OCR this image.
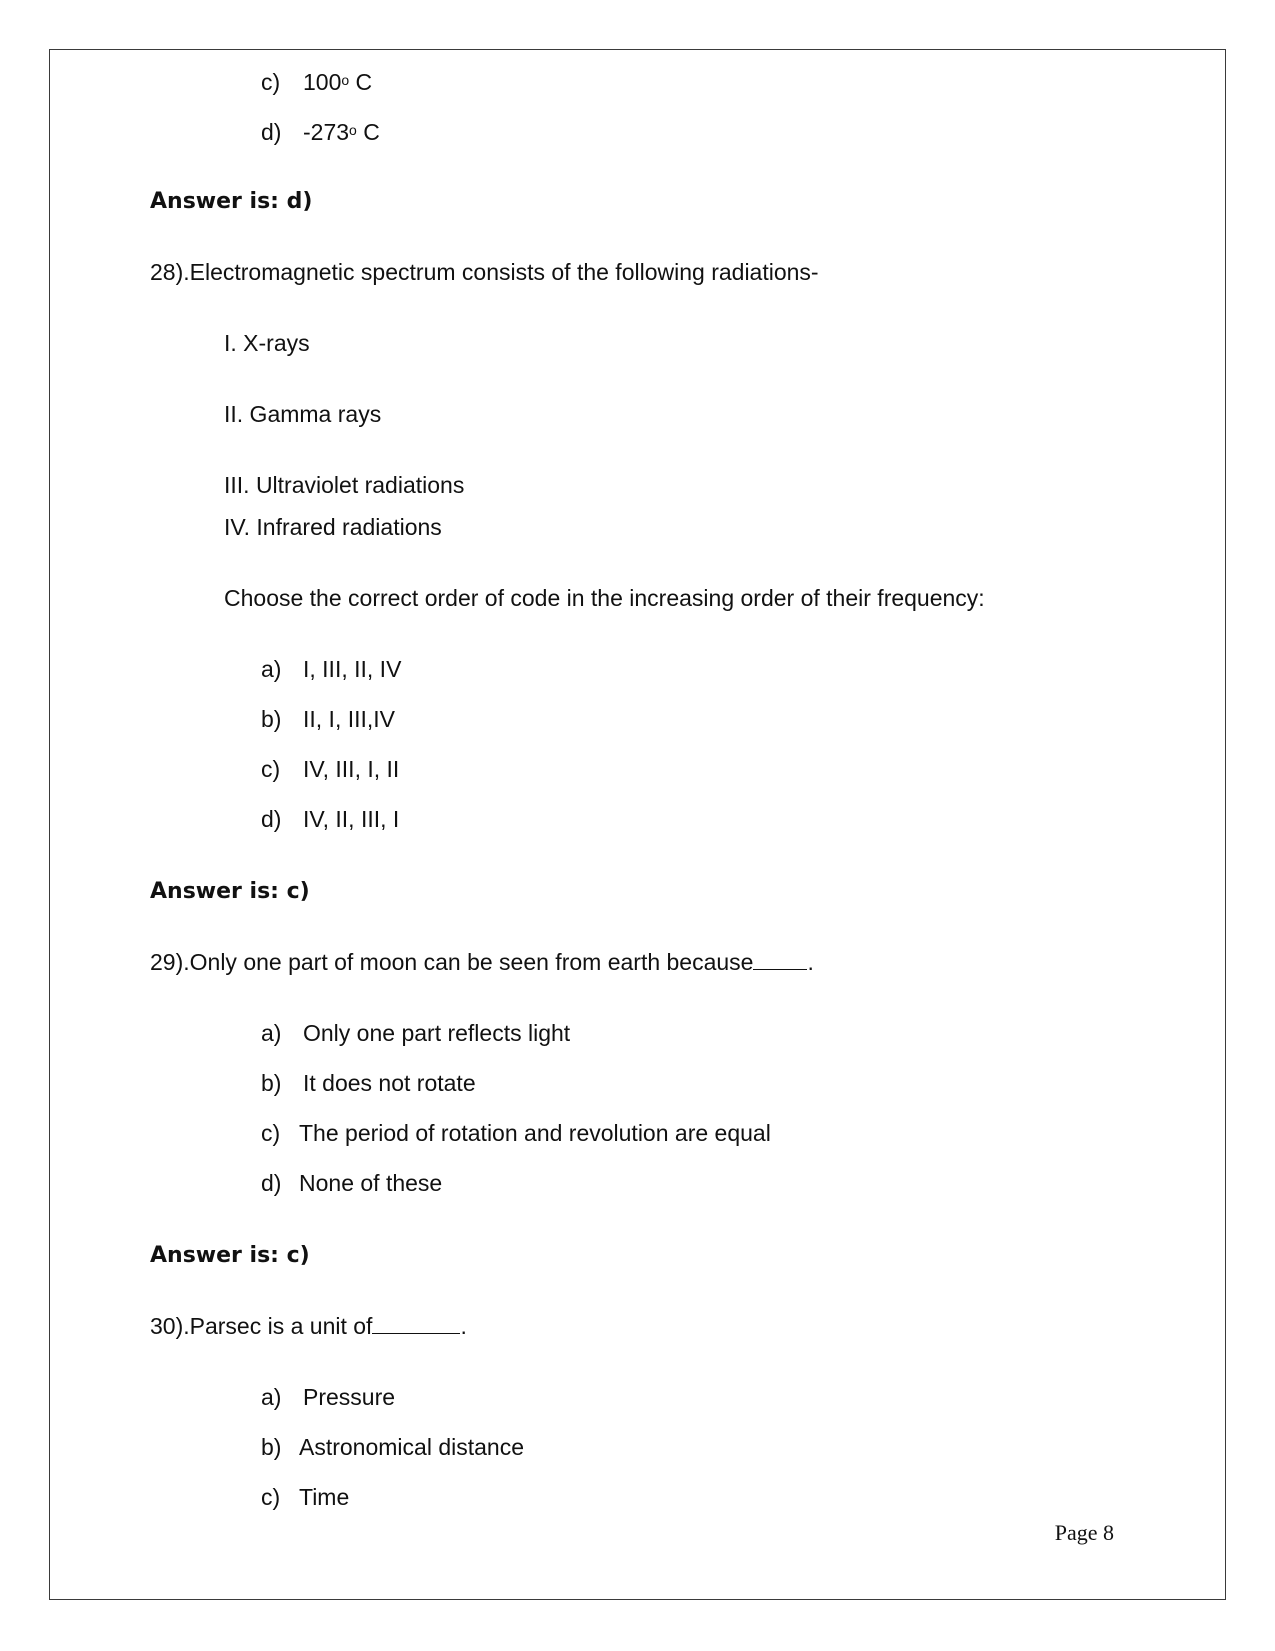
c) 100$^o$ C

d) -273$^o$ C

Answer is: d)

28).Electromagnetic spectrum consists of the following radiations-

I. X-rays

II. Gamma rays

III. Ultraviolet radiations

IV. Infrared radiations

Choose the correct order of code in the increasing order of their frequency:

a) I, III, II, IV

b) II, I, III,IV

c) IV, III, I, II

d) IV, II, III, I

Answer is: c)

29).Only one part of moon can be seen from earth because .

a) Only one part reflects light

b) It does not rotate

c) The period of rotation and revolution are equal

d) None of these

Answer is: c)

30).Parsec is a unit of	.

a) Pressure

b) Astronomical distance

c) Time

Page 8
